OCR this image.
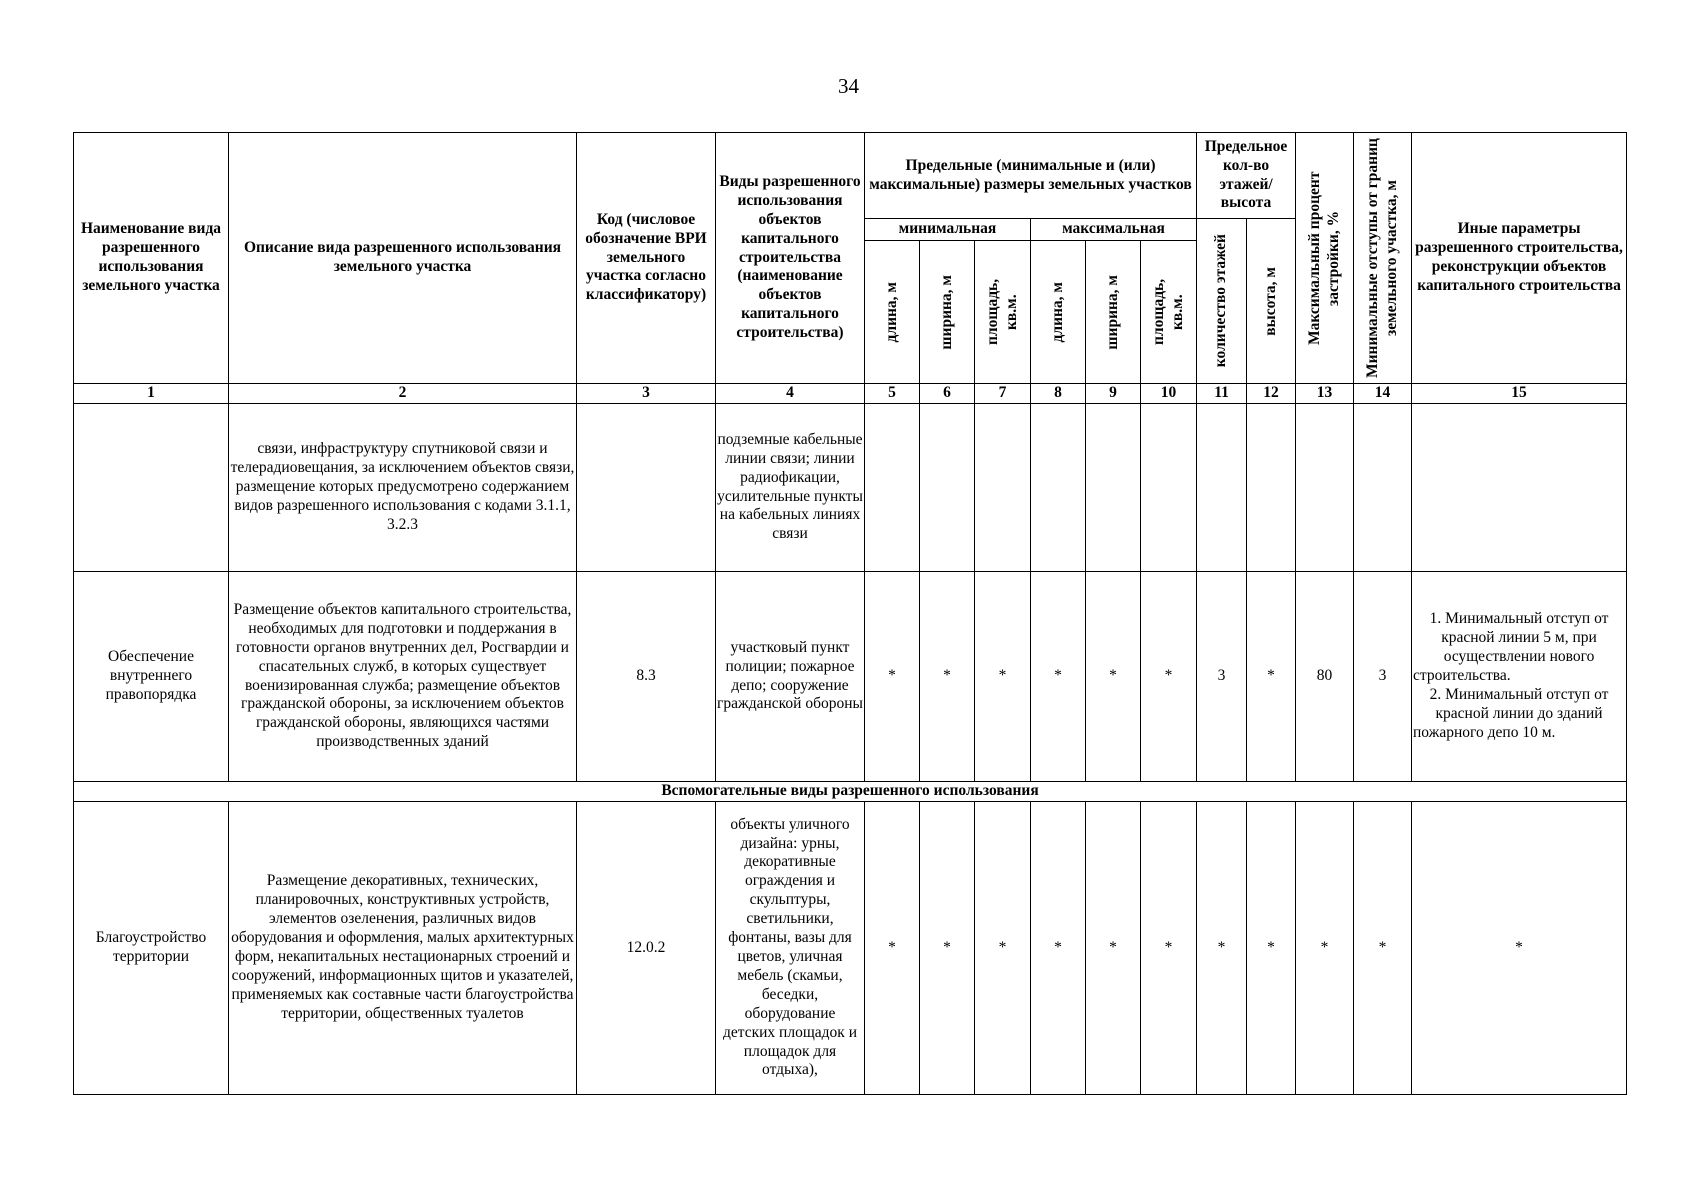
34
Наименование вида разрешенного использования земельного участка	Описание вида разрешенного использования земельного участка	Код (числовое обозначение ВРИ земельного участка согласно классификатору)	Виды разрешенного использования объектов капитального строительства (наименование объектов капитального строительства)	Предельные (минимальные и (или) максимальные) размеры земельных участков						Предельное кол-во этажей/ высота		Максимальный процент застройки, %	Минимальные отступы от границ земельного участка, м	Иные параметры разрешенного строительства, реконструкции объектов капитального строительства
				минимальная			максимальная			количество этажей	высота, м			

				длина, м	ширина, м	площадь, кв.м.	длина, м	ширина, м	площадь, кв.м.					

1	2	3	4	5	6	7	8	9	10	11	12	13	14	15
	связи, инфраструктуру спутниковой связи и телерадиовещания, за исключением объектов связи, размещение которых предусмотрено содержанием видов разрешенного использования с кодами 3.1.1, 3.2.3		подземные кабельные линии связи; линии радиофикации, усилительные пункты на кабельных линиях связи											
Обеспечение внутреннего правопорядка	Размещение объектов капитального строительства, необходимых для подготовки и поддержания в готовности органов внутренних дел, Росгвардии и спасательных служб, в которых существует военизированная служба; размещение объектов гражданской обороны, за исключением объектов гражданской обороны, являющихся частями производственных зданий	8.3	участковый пункт полиции; пожарное депо; сооружение гражданской обороны	*	*	*	*	*	*	3	*	80	3	1. Минимальный отступ от красной линии 5 м, при осуществлении нового строительства.
2. Минимальный отступ от красной линии до зданий пожарного депо 10 м.
Вспомогательные виды разрешенного использования														
Благоустройство территории	Размещение декоративных, технических, планировочных, конструктивных устройств, элементов озеленения, различных видов оборудования и оформления, малых архитектурных форм, некапитальных нестационарных строений и сооружений, информационных щитов и указателей, применяемых как составные части благоустройства территории, общественных туалетов	12.0.2	объекты уличного дизайна: урны, декоративные ограждения и скульптуры, светильники, фонтаны, вазы для цветов, уличная мебель (скамьи, беседки, оборудование детских площадок и площадок для отдыха),	*	*	*	*	*	*	*	*	*	*	*
